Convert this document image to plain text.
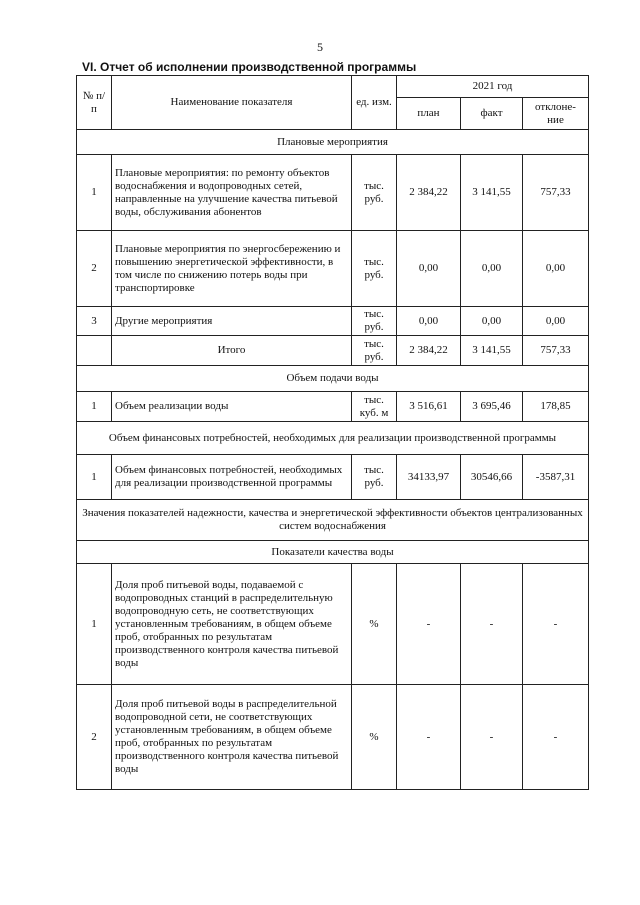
5
VI. Отчет об исполнении производственной программы
№ п/п	Наименование показателя	ед. изм.	2021 год		
			план	факт	отклоне- ние
Плановые мероприятия					
1	Плановые мероприятия: по ремонту объектов водоснабжения и водопроводных сетей, направленные на улучшение качества питьевой воды, обслуживания абонентов	тыс. руб.	2 384,22	3 141,55	757,33
2	Плановые мероприятия по энергосбережению и повышению энергетической эффективности, в том числе по снижению потерь воды при транспортировке	тыс. руб.	0,00	0,00	0,00
3	Другие мероприятия	тыс. руб.	0,00	0,00	0,00
	Итого	тыс. руб.	2 384,22	3 141,55	757,33
Объем подачи воды					
1	Объем реализации воды	тыс. куб. м	3 516,61	3 695,46	178,85
Объем финансовых потребностей, необходимых для реализации производственной программы					
1	Объем финансовых потребностей, необходимых для реализации производственной программы	тыс. руб.	34133,97	30546,66	-3587,31
Значения показателей надежности, качества и энергетической эффективности объектов централизованных систем водоснабжения					
Показатели качества воды					
1	Доля проб питьевой воды, подаваемой с водопроводных станций в распределительную водопроводную сеть, не соответствующих установленным требованиям, в общем объеме проб, отобранных по результатам производственного контроля качества питьевой воды	%	-	-	-
2	Доля проб питьевой воды в распределительной водопроводной сети, не соответствующих установленным требованиям, в общем объеме проб, отобранных по результатам производственного контроля качества питьевой воды	%	-	-	-
